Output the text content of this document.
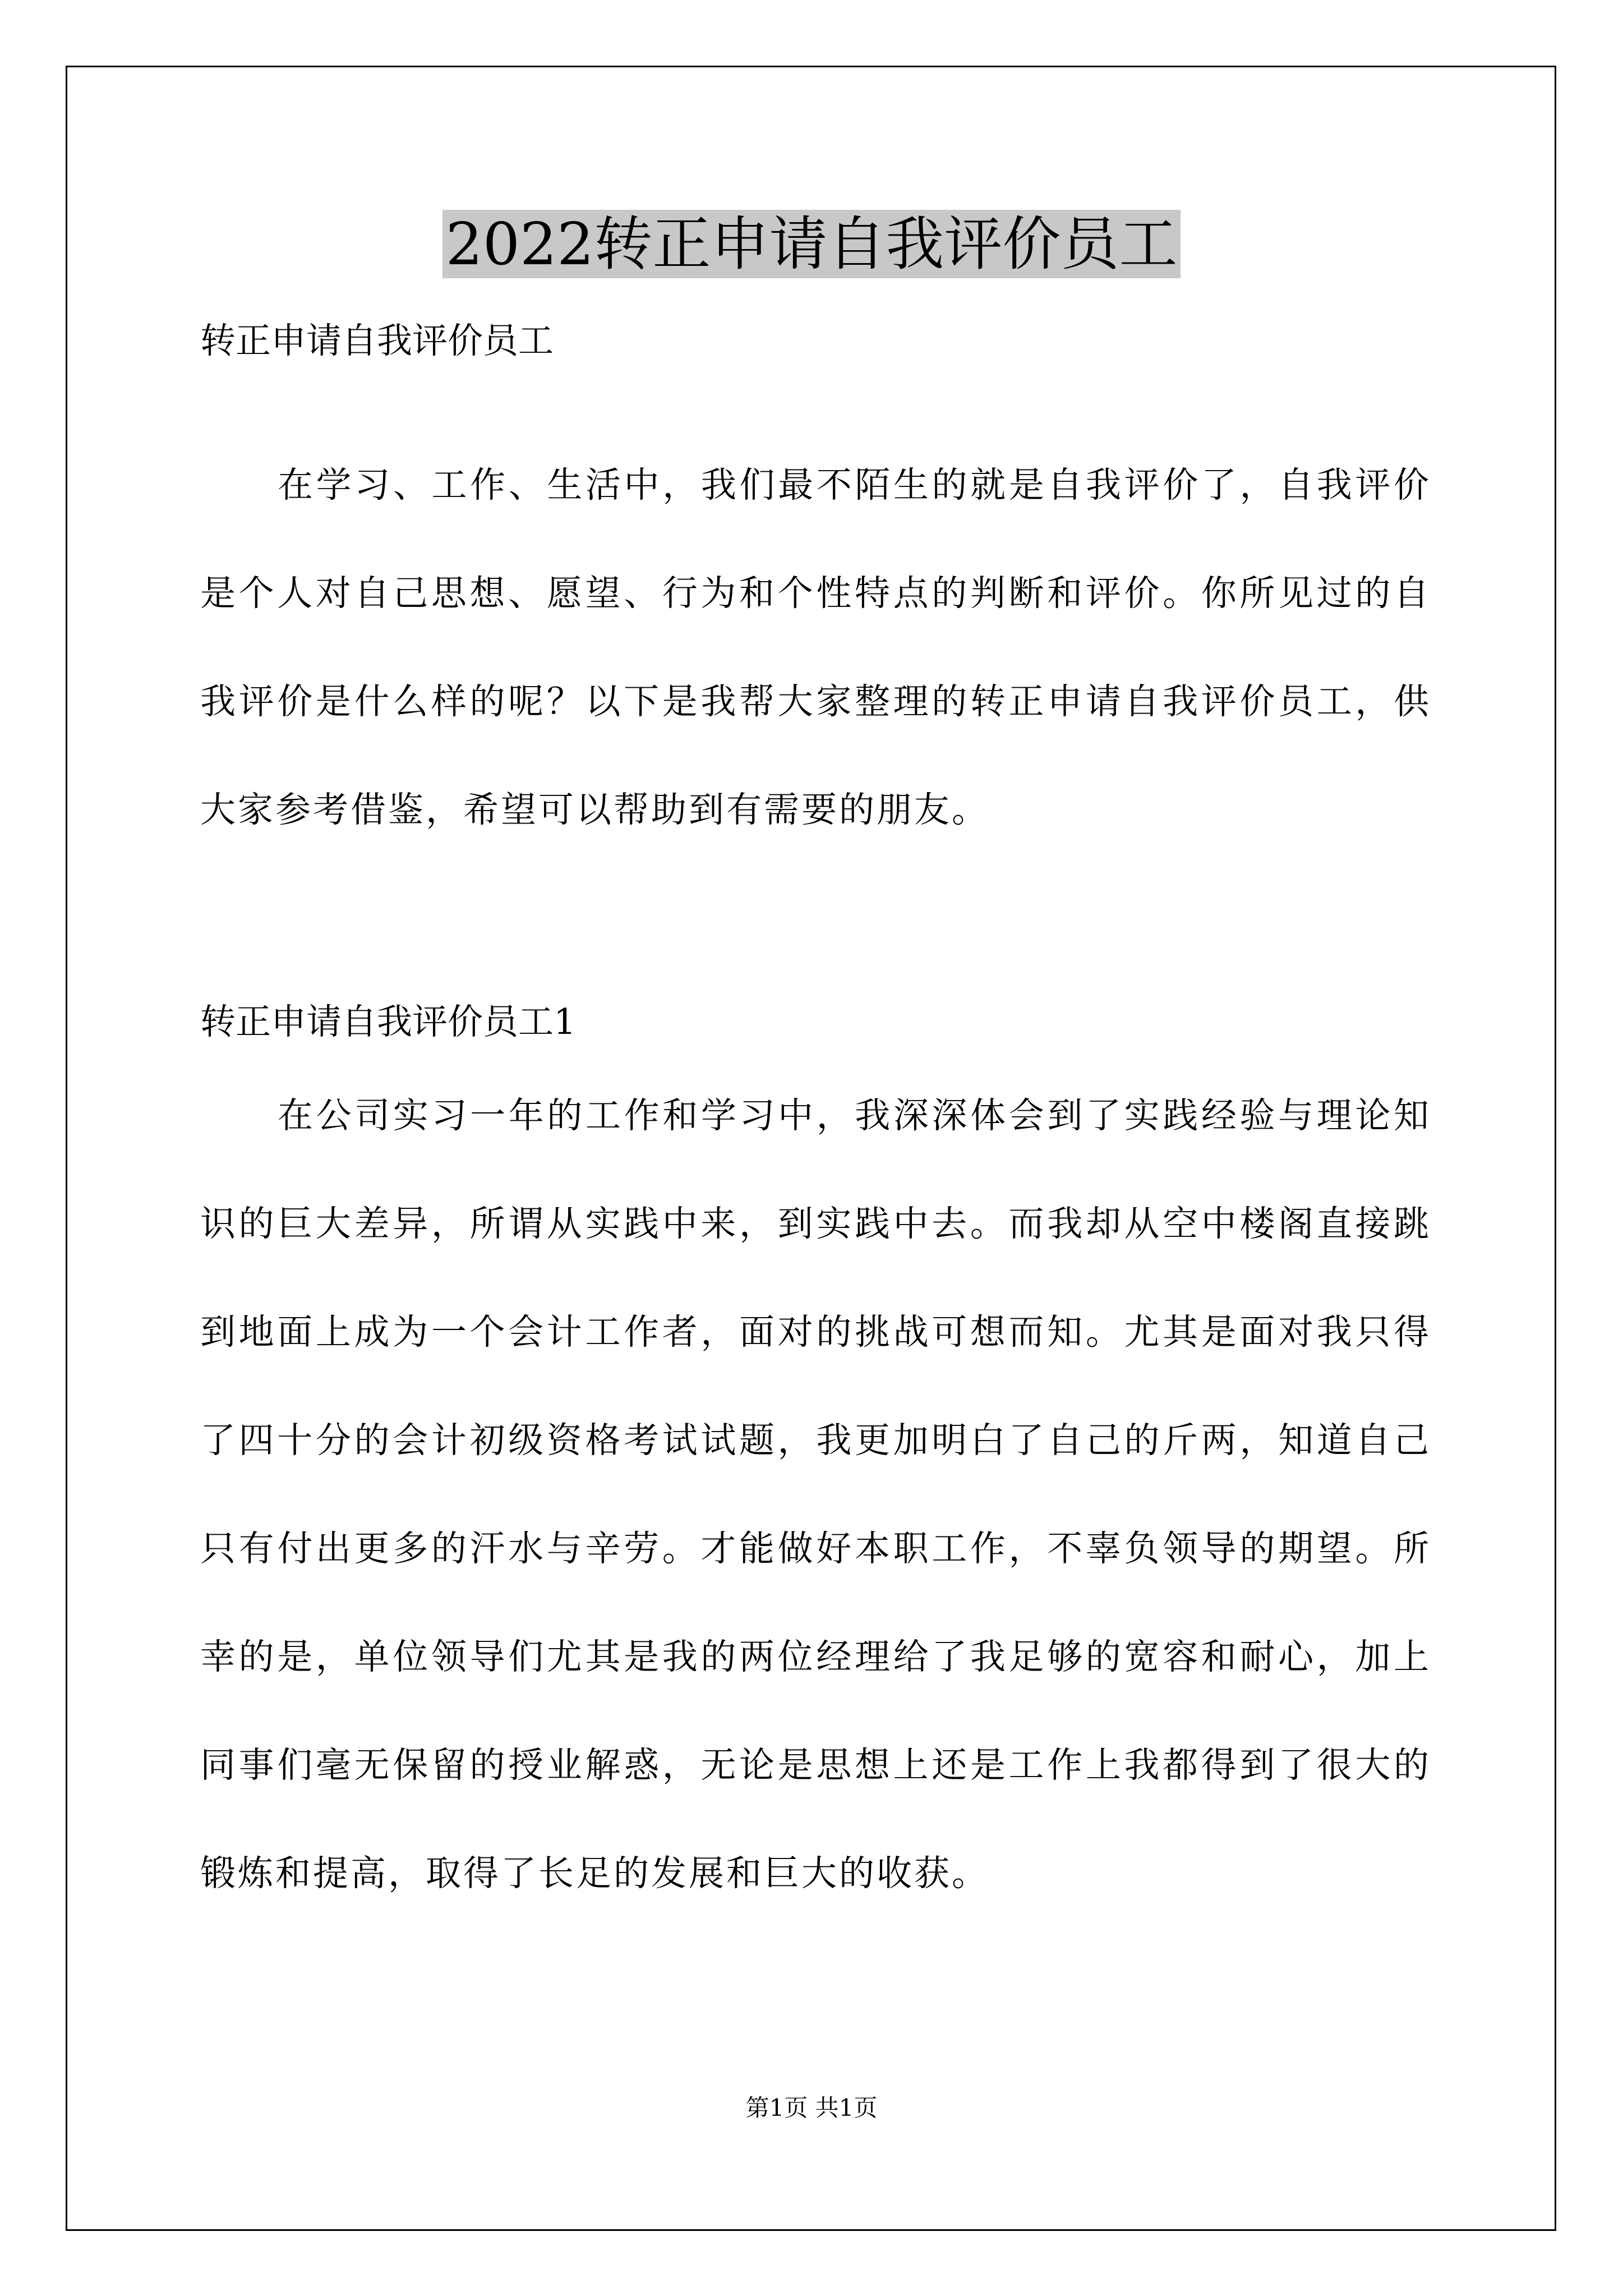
2022转正申请自我评价员工
转正申请自我评价员工

在学习、工作、生活中，我们最不陌生的就是自我评价了，自我评价是个人对自己思想、愿望、行为和个性特点的判断和评价。你所见过的自我评价是什么样的呢？以下是我帮大家整理的转正申请自我评价员工，供大家参考借鉴，希望可以帮助到有需要的朋友。

转正申请自我评价员工1

在公司实习一年的工作和学习中，我深深体会到了实践经验与理论知识的巨大差异，所谓从实践中来，到实践中去。而我却从空中楼阁直接跳到地面上成为一个会计工作者，面对的挑战可想而知。尤其是面对我只得了四十分的会计初级资格考试试题，我更加明白了自己的斤两，知道自己只有付出更多的汗水与辛劳。才能做好本职工作，不辜负领导的期望。所幸的是，单位领导们尤其是我的两位经理给了我足够的宽容和耐心，加上同事们毫无保留的授业解惑，无论是思想上还是工作上我都得到了很大的锻炼和提高，取得了长足的发展和巨大的收获。

第1页 共1页
